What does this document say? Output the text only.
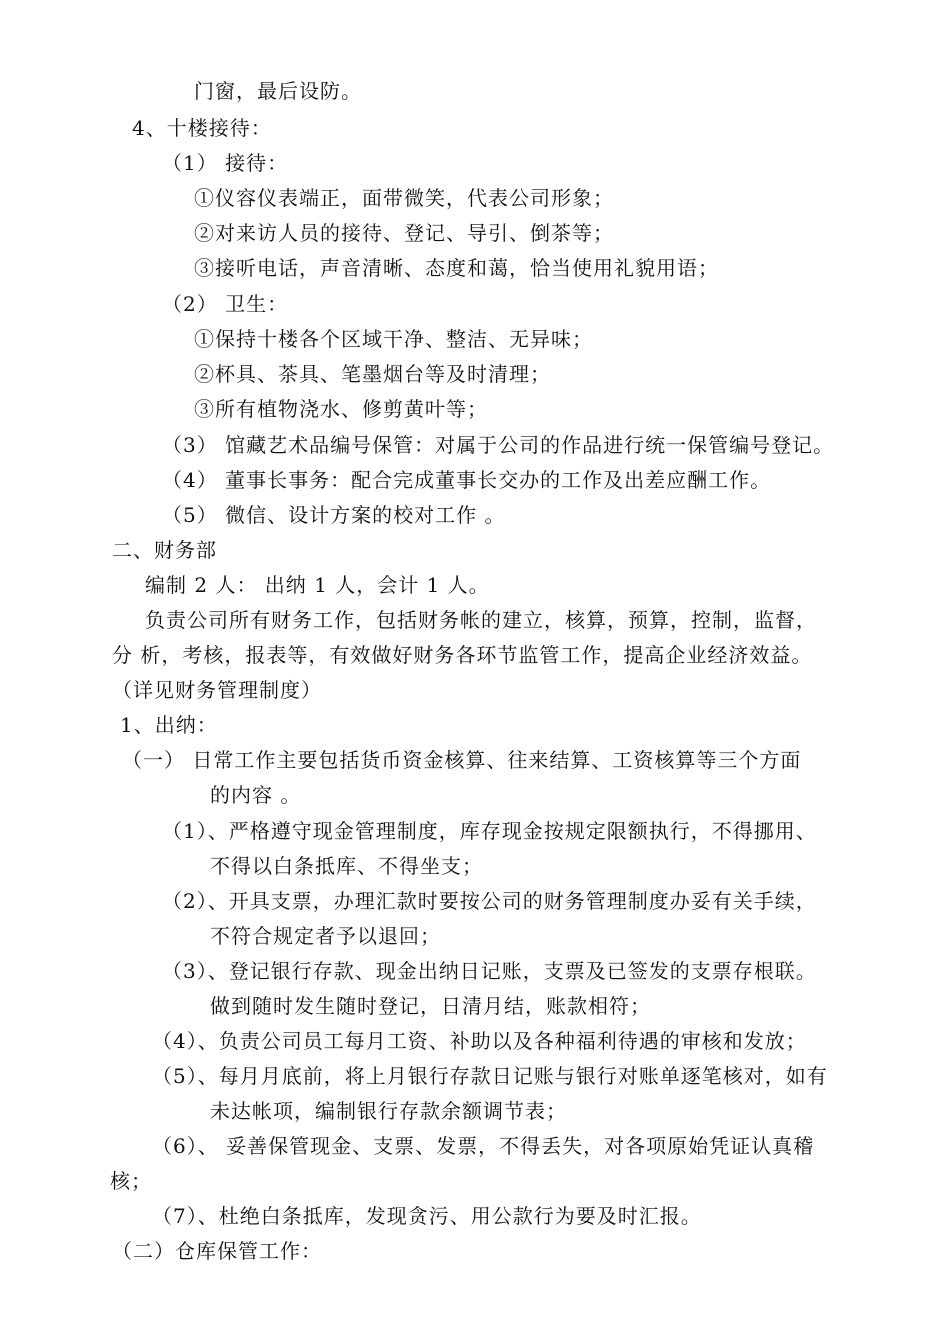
门窗，最后设防。
4、十楼接待：
（1） 接待：
①仪容仪表端正，面带微笑，代表公司形象；
②对来访人员的接待、登记、导引、倒茶等；
③接听电话，声音清晰、态度和蔼，恰当使用礼貌用语；
（2） 卫生：
①保持十楼各个区域干净、整洁、无异味；
②杯具、茶具、笔墨烟台等及时清理；
③所有植物浇水、修剪黄叶等；
（3） 馆藏艺术品编号保管：对属于公司的作品进行统一保管编号登记。
（4） 董事长事务：配合完成董事长交办的工作及出差应酬工作。
（5） 微信、设计方案的校对工作 。
二、财务部
编制 2 人： 出纳 1 人，会计 1 人。
负责公司所有财务工作，包括财务帐的建立，核算，预算，控制，监督，
分 析，考核，报表等，有效做好财务各环节监管工作，提高企业经济效益。
（详见财务管理制度）
1、出纳：
（一） 日常工作主要包括货币资金核算、往来结算、工资核算等三个方面
的内容 。
（1）、严格遵守现金管理制度，库存现金按规定限额执行，不得挪用、
不得以白条抵库、不得坐支；
（2）、开具支票，办理汇款时要按公司的财务管理制度办妥有关手续，
不符合规定者予以退回；
（3）、登记银行存款、现金出纳日记账，支票及已签发的支票存根联。
做到随时发生随时登记，日清月结，账款相符；
（4）、负责公司员工每月工资、补助以及各种福利待遇的审核和发放；
（5）、每月月底前，将上月银行存款日记账与银行对账单逐笔核对，如有
未达帐项，编制银行存款余额调节表；
（6）、 妥善保管现金、支票、发票，不得丢失，对各项原始凭证认真稽
核；
（7）、杜绝白条抵库，发现贪污、用公款行为要及时汇报。
（二）仓库保管工作：
